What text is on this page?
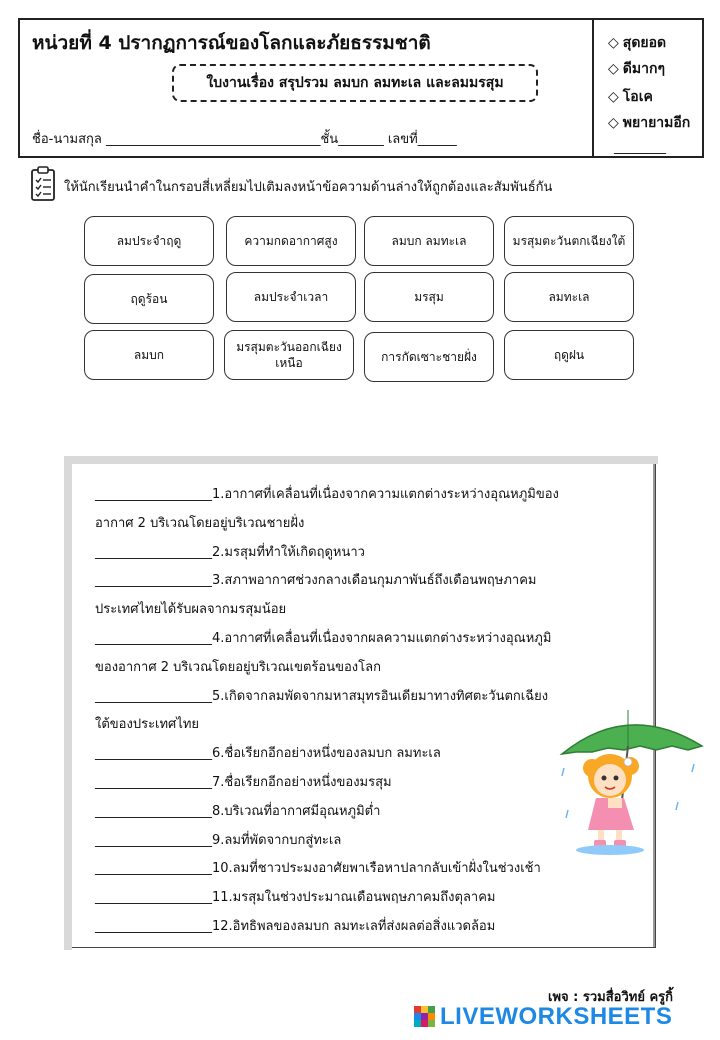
หน่วยที่ 4 ปรากฏการณ์ของโลกและภัยธรรมชาติ
ใบงานเรื่อง สรุปรวม ลมบก ลมทะเล และลมมรสุม
ชื่อ-นามสกุล _________________________________ชั้น_______ เลขที่______
◇ สุดยอด
◇ ดีมากๆ
◇ โอเค
◇ พยายามอีก
________
ให้นักเรียนนำคำในกรอบสี่เหลี่ยมไปเติมลงหน้าข้อความด้านล่างให้ถูกต้องและสัมพันธ์กัน
ลมประจำฤดู	ความกดอากาศสูง	ลมบก ลมทะเล	มรสุมตะวันตกเฉียงใต้
ฤดูร้อน	ลมประจำเวลา	มรสุม	ลมทะเล
ลมบก
มรสุมตะวันออกเฉียงเหนือ	การกัดเซาะชายฝั่ง	ฤดูฝน
__________________1.อากาศที่เคลื่อนที่เนื่องจากความแตกต่างระหว่างอุณหภูมิของ
อากาศ 2 บริเวณโดยอยู่บริเวณชายฝั่ง
__________________2.มรสุมที่ทำให้เกิดฤดูหนาว
__________________3.สภาพอากาศช่วงกลางเดือนกุมภาพันธ์ถึงเดือนพฤษภาคม
ประเทศไทยได้รับผลจากมรสุมน้อย
__________________4.อากาศที่เคลื่อนที่เนื่องจากผลความแตกต่างระหว่างอุณหภูมิ
ของอากาศ 2 บริเวณโดยอยู่บริเวณเขตร้อนของโลก
__________________5.เกิดจากลมพัดจากมหาสมุทรอินเดียมาทางทิศตะวันตกเฉียง
ใต้ของประเทศไทย
__________________6.ชื่อเรียกอีกอย่างหนึ่งของลมบก ลมทะเล
__________________7.ชื่อเรียกอีกอย่างหนึ่งของมรสุม
__________________8.บริเวณที่อากาศมีอุณหภูมิต่ำ
__________________9.ลมที่พัดจากบกสู่ทะเล
__________________10.ลมที่ชาวประมงอาศัยพาเรือหาปลากลับเข้าฝั่งในช่วงเช้า
__________________11.มรสุมในช่วงประมาณเดือนพฤษภาคมถึงตุลาคม
__________________12.อิทธิพลของลมบก ลมทะเลที่ส่งผลต่อสิ่งแวดล้อม
เพจ : รวมสื่อวิทย์ ครูกิ้
LIVEWORKSHEETS
